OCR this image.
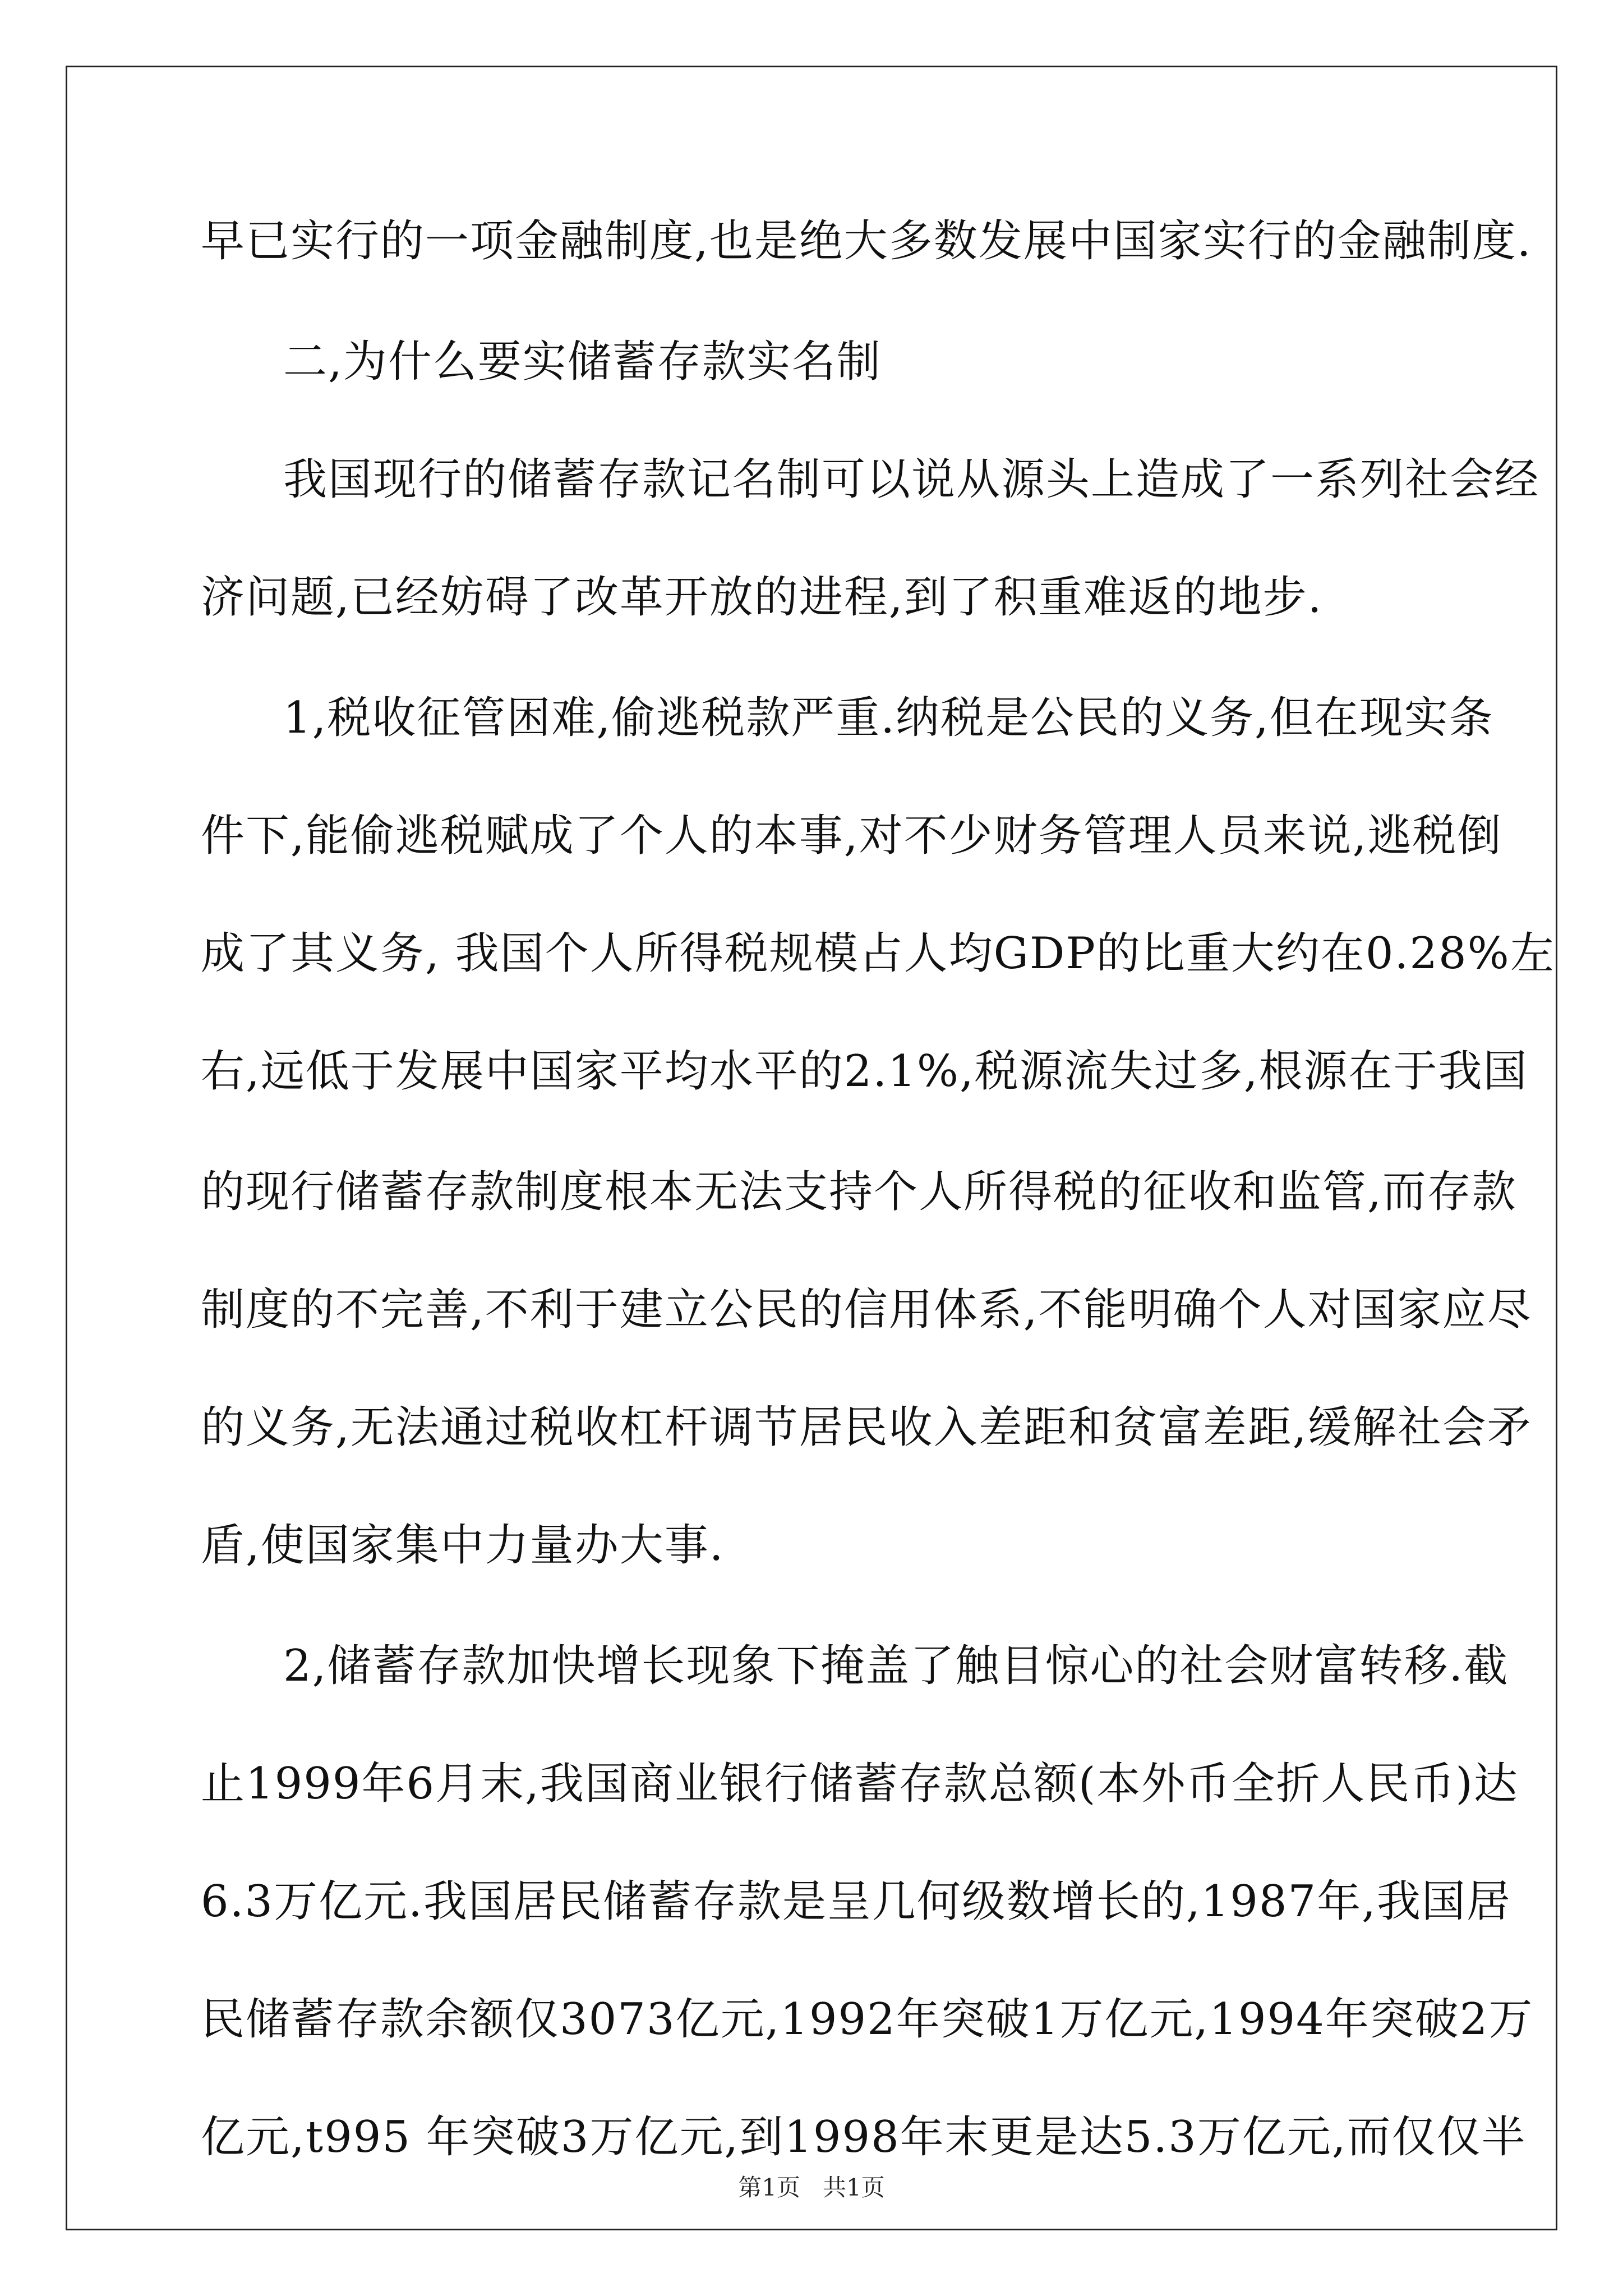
早已实行的一项金融制度,也是绝大多数发展中国家实行的金融制度.
二,为什么要实储蓄存款实名制
我国现行的储蓄存款记名制可以说从源头上造成了一系列社会经
济问题,已经妨碍了改革开放的进程,到了积重难返的地步.
1,税收征管困难,偷逃税款严重.纳税是公民的义务,但在现实条
件下,能偷逃税赋成了个人的本事,对不少财务管理人员来说,逃税倒
成了其义务, 我国个人所得税规模占人均GDP的比重大约在0.28%左
右,远低于发展中国家平均水平的2.1%,税源流失过多,根源在于我国
的现行储蓄存款制度根本无法支持个人所得税的征收和监管,而存款
制度的不完善,不利于建立公民的信用体系,不能明确个人对国家应尽
的义务,无法通过税收杠杆调节居民收入差距和贫富差距,缓解社会矛
盾,使国家集中力量办大事.
2,储蓄存款加快增长现象下掩盖了触目惊心的社会财富转移.截
止1999年6月末,我国商业银行储蓄存款总额(本外币全折人民币)达
6.3万亿元.我国居民储蓄存款是呈几何级数增长的,1987年,我国居
民储蓄存款余额仅3073亿元,1992年突破1万亿元,1994年突破2万
亿元,t995 年突破3万亿元,到1998年末更是达5.3万亿元,而仅仅半
第1页   共1页
